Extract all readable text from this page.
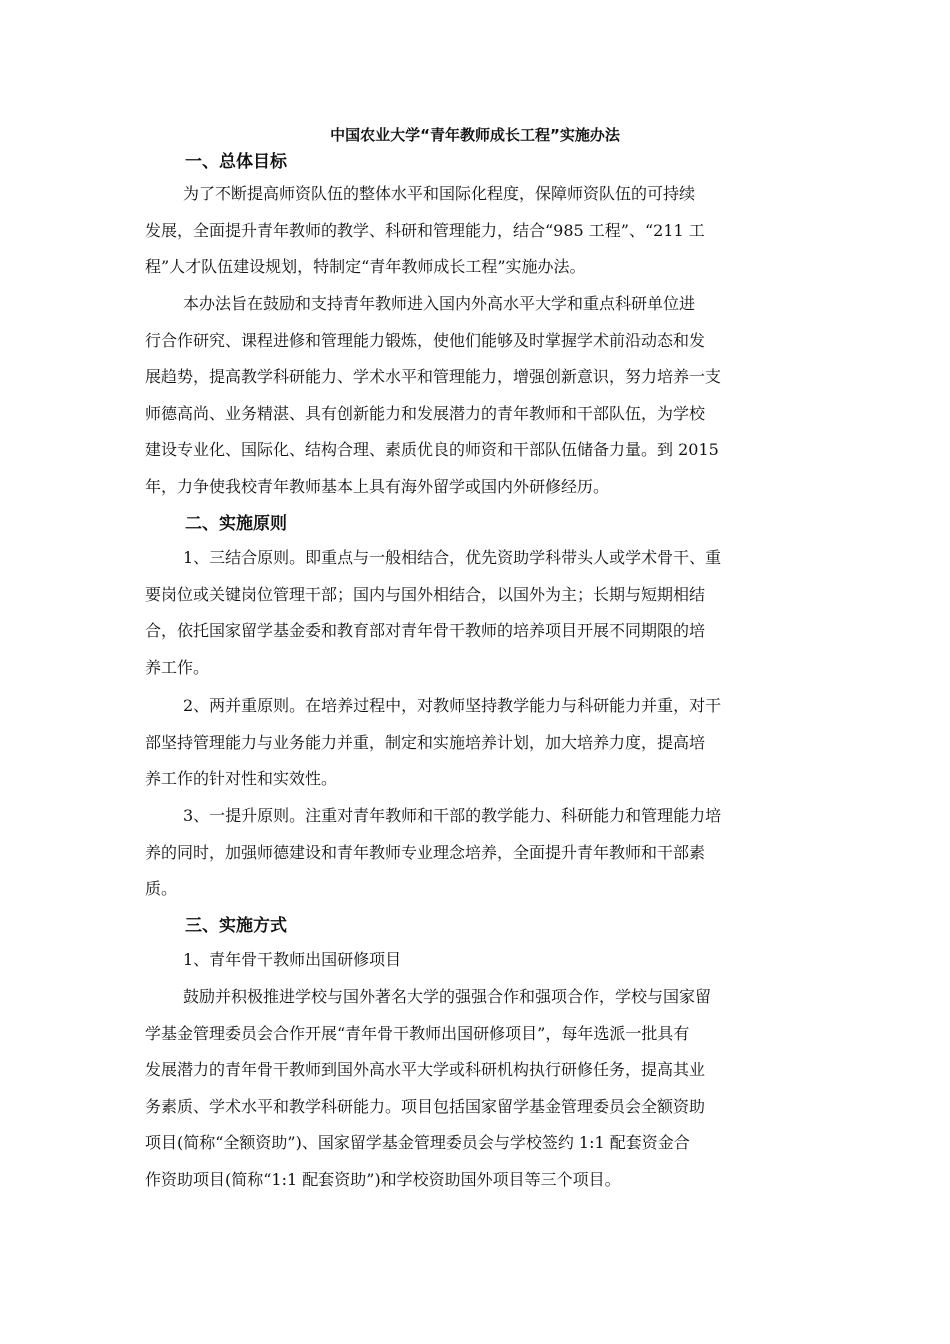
中国农业大学“青年教师成长工程”实施办法
一、总体目标

为了不断提高师资队伍的整体水平和国际化程度，保障师资队伍的可持续
发展，全面提升青年教师的教学、科研和管理能力，结合“985 工程”、“211 工
程”人才队伍建设规划，特制定“青年教师成长工程”实施办法。

本办法旨在鼓励和支持青年教师进入国内外高水平大学和重点科研单位进
行合作研究、课程进修和管理能力锻炼，使他们能够及时掌握学术前沿动态和发
展趋势，提高教学科研能力、学术水平和管理能力，增强创新意识，努力培养一支
师德高尚、业务精湛、具有创新能力和发展潜力的青年教师和干部队伍，为学校
建设专业化、国际化、结构合理、素质优良的师资和干部队伍储备力量。到 2015
年，力争使我校青年教师基本上具有海外留学或国内外研修经历。

二、实施原则

1、三结合原则。即重点与一般相结合，优先资助学科带头人或学术骨干、重
要岗位或关键岗位管理干部；国内与国外相结合，以国外为主；长期与短期相结
合，依托国家留学基金委和教育部对青年骨干教师的培养项目开展不同期限的培
养工作。

2、两并重原则。在培养过程中，对教师坚持教学能力与科研能力并重，对干
部坚持管理能力与业务能力并重，制定和实施培养计划，加大培养力度，提高培
养工作的针对性和实效性。

3、一提升原则。注重对青年教师和干部的教学能力、科研能力和管理能力培
养的同时，加强师德建设和青年教师专业理念培养，全面提升青年教师和干部素
质。

三、实施方式

1、青年骨干教师出国研修项目

鼓励并积极推进学校与国外著名大学的强强合作和强项合作，学校与国家留
学基金管理委员会合作开展“青年骨干教师出国研修项目”，每年选派一批具有
发展潜力的青年骨干教师到国外高水平大学或科研机构执行研修任务，提高其业
务素质、学术水平和教学科研能力。项目包括国家留学基金管理委员会全额资助
项目(简称“全额资助”)、国家留学基金管理委员会与学校签约 1:1 配套资金合
作资助项目(简称“1:1 配套资助”)和学校资助国外项目等三个项目。
